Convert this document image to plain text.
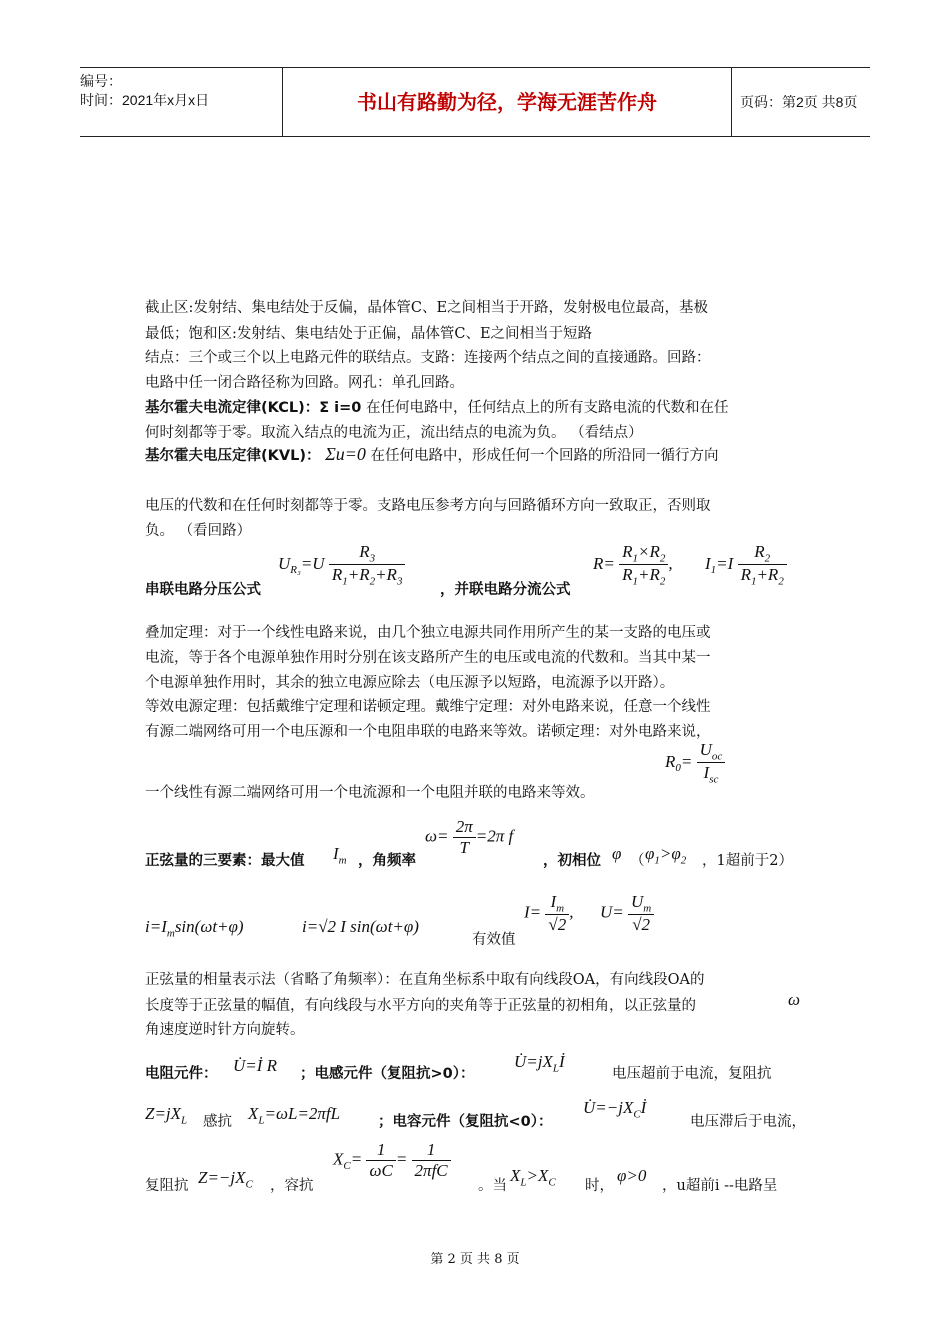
编号：
时间：2021年x月x日	书山有路勤为径，学海无涯苦作舟	页码：第2页 共8页
截止区:发射结、集电结处于反偏，晶体管C、E之间相当于开路，发射极电位最高，基极
最低；饱和区:发射结、集电结处于正偏，晶体管C、E之间相当于短路
结点：三个或三个以上电路元件的联结点。支路：连接两个结点之间的直接通路。回路：
电路中任一闭合路径称为回路。网孔：单孔回路。
基尔霍夫电流定律(KCL)：Σ i=0 在任何电路中，任何结点上的所有支路电流的代数和在任
何时刻都等于零。取流入结点的电流为正，流出结点的电流为负。 （看结点）
基尔霍夫电压定律(KVL)： Σu=0 在任何电路中，形成任何一个回路的所沿同一循行方向
电压的代数和在任何时刻都等于零。支路电压参考方向与回路循环方向一致取正，否则取
负。 （看回路）
串联电路分压公式
$U_{R_3}=U \frac{R_3}{R_1+R_2+R_3}$
，并联电路分流公式
$R= \frac{R_1\times R_2}{R_1+R_2}$ , $I_1=I \frac{R_2}{R_1+R_2}$
叠加定理：对于一个线性电路来说，由几个独立电源共同作用所产生的某一支路的电压或
电流，等于各个电源单独作用时分别在该支路所产生的电压或电流的代数和。当其中某一
个电源单独作用时，其余的独立电源应除去（电压源予以短路，电流源予以开路）。
等效电源定理：包括戴维宁定理和诺顿定理。戴维宁定理：对外电路来说，任意一个线性
有源二端网络可用一个电压源和一个电阻串联的电路来等效。诺顿定理：对外电路来说，
$R_0= \frac{U_{oc}}{I_{sc}}$
一个线性有源二端网络可用一个电流源和一个电阻并联的电路来等效。
正弦量的三要素：最大值 $I_m$ ，角频率
$\omega= \frac{2\pi}{T} =2\pi$ f
，初相位 φ （ $\varphi_1>\varphi_2$ ，1超前于2）
$i=I_m\sin(\omega t+\varphi)$	i=√2 I sin(ωt+φ)
有效值
$I= \frac{I_m}{√2}$ , $U= \frac{U_m}{√2}$
正弦量的相量表示法（省略了角频率）：在直角坐标系中取有向线段OA，有向线段OA的
长度等于正弦量的幅值，有向线段与水平方向的夹角等于正弦量的初相角，以正弦量的	ω
角速度逆时针方向旋转。
电阻元件： U̇=İ R ；电感元件（复阻抗>0）：
$U̇=jX_Lİ$
电压超前于电流，复阻抗
$Z=jX_L$ 感抗 $X_L=\omega L=2\pi fL$	；电容元件（复阻抗<0）：
$U̇=-jX_Cİ$
电压滞后于电流，
复阻抗 $Z=-jX_C$ ，容抗
$X_C= \frac{1}{\omega C} = \frac{1}{\text{2πfC}}$
。当
$X_L>X_C$ 时，
φ>0
，u超前i --电路呈
第 2 页 共 8 页
